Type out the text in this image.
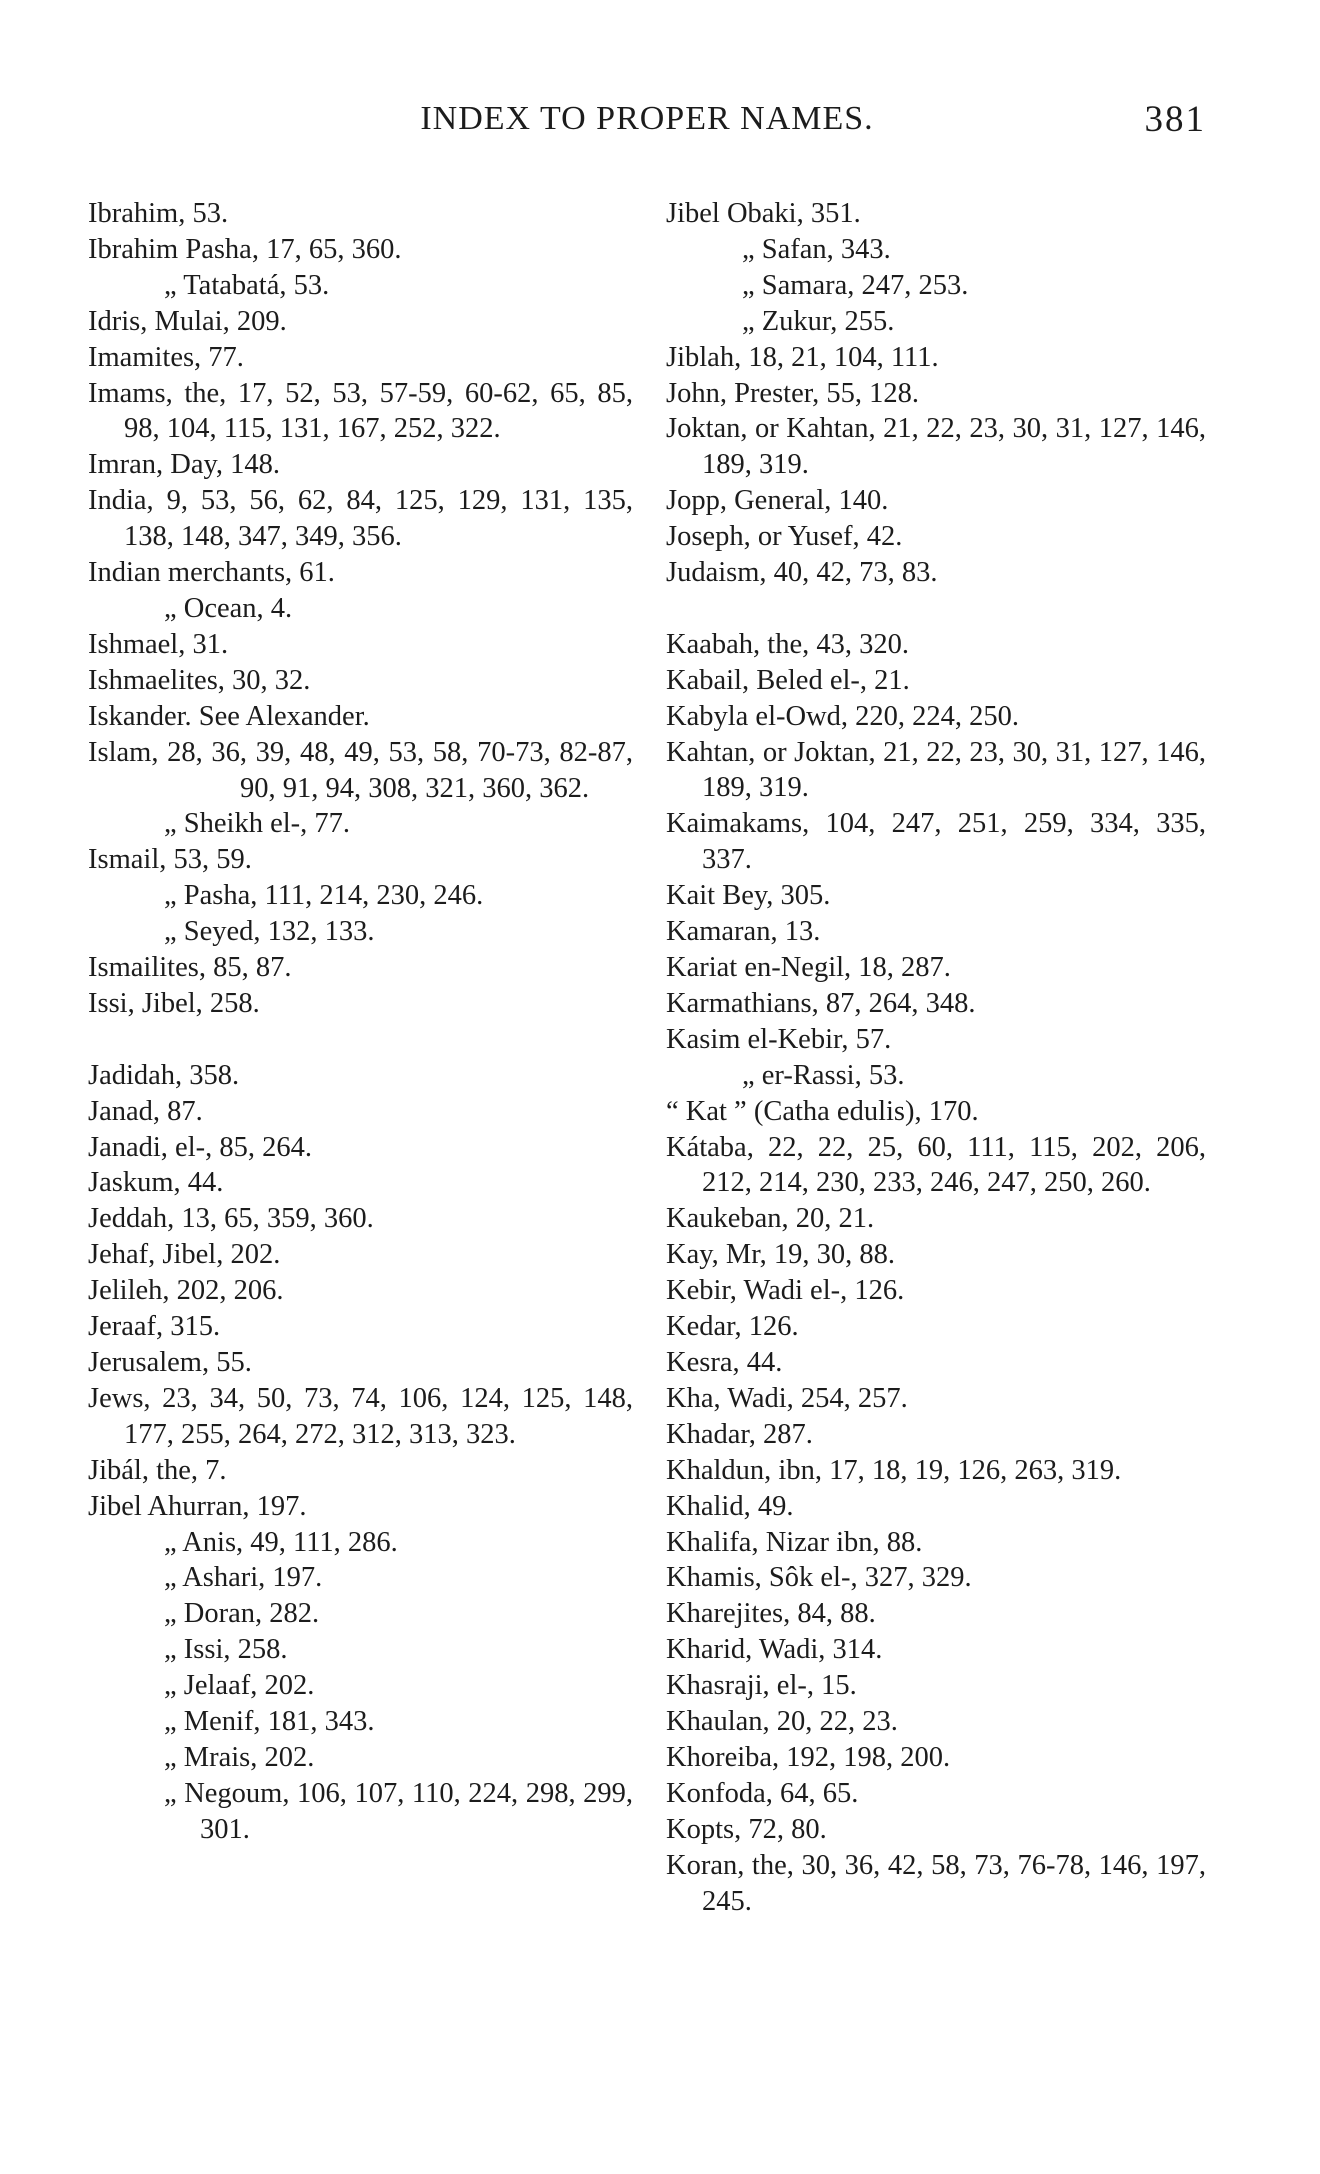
INDEX TO PROPER NAMES.	381
Ibrahim, 53.
Ibrahim Pasha, 17, 65, 360.
„ Tatabatá, 53.
Idris, Mulai, 209.
Imamites, 77.
Imams, the, 17, 52, 53, 57-59, 60-62, 65, 85, 98, 104, 115, 131, 167, 252, 322.
Imran, Day, 148.
India, 9, 53, 56, 62, 84, 125, 129, 131, 135, 138, 148, 347, 349, 356.
Indian merchants, 61.
„ Ocean, 4.
Ishmael, 31.
Ishmaelites, 30, 32.
Iskander. See Alexander.
Islam, 28, 36, 39, 48, 49, 53, 58, 70-73, 82-87, 90, 91, 94, 308, 321, 360, 362.
„ Sheikh el-, 77.
Ismail, 53, 59.
„ Pasha, 111, 214, 230, 246.
„ Seyed, 132, 133.
Ismailites, 85, 87.
Issi, Jibel, 258.
Jadidah, 358.
Janad, 87.
Janadi, el-, 85, 264.
Jaskum, 44.
Jeddah, 13, 65, 359, 360.
Jehaf, Jibel, 202.
Jelileh, 202, 206.
Jeraaf, 315.
Jerusalem, 55.
Jews, 23, 34, 50, 73, 74, 106, 124, 125, 148, 177, 255, 264, 272, 312, 313, 323.
Jibál, the, 7.
Jibel Ahurran, 197.
„ Anis, 49, 111, 286.
„ Ashari, 197.
„ Doran, 282.
„ Issi, 258.
„ Jelaaf, 202.
„ Menif, 181, 343.
„ Mrais, 202.
„ Negoum, 106, 107, 110, 224, 298, 299, 301.
Jibel Obaki, 351.
„ Safan, 343.
„ Samara, 247, 253.
„ Zukur, 255.
Jiblah, 18, 21, 104, 111.
John, Prester, 55, 128.
Joktan, or Kahtan, 21, 22, 23, 30, 31, 127, 146, 189, 319.
Jopp, General, 140.
Joseph, or Yusef, 42.
Judaism, 40, 42, 73, 83.
Kaabah, the, 43, 320.
Kabail, Beled el-, 21.
Kabyla el-Owd, 220, 224, 250.
Kahtan, or Joktan, 21, 22, 23, 30, 31, 127, 146, 189, 319.
Kaimakams, 104, 247, 251, 259, 334, 335, 337.
Kait Bey, 305.
Kamaran, 13.
Kariat en-Negil, 18, 287.
Karmathians, 87, 264, 348.
Kasim el-Kebir, 57.
„ er-Rassi, 53.
“ Kat ” (Catha edulis), 170.
Kátaba, 22, 22, 25, 60, 111, 115, 202, 206, 212, 214, 230, 233, 246, 247, 250, 260.
Kaukeban, 20, 21.
Kay, Mr, 19, 30, 88.
Kebir, Wadi el-, 126.
Kedar, 126.
Kesra, 44.
Kha, Wadi, 254, 257.
Khadar, 287.
Khaldun, ibn, 17, 18, 19, 126, 263, 319.
Khalid, 49.
Khalifa, Nizar ibn, 88.
Khamis, Sôk el-, 327, 329.
Kharejites, 84, 88.
Kharid, Wadi, 314.
Khasraji, el-, 15.
Khaulan, 20, 22, 23.
Khoreiba, 192, 198, 200.
Konfoda, 64, 65.
Kopts, 72, 80.
Koran, the, 30, 36, 42, 58, 73, 76-78, 146, 197, 245.
